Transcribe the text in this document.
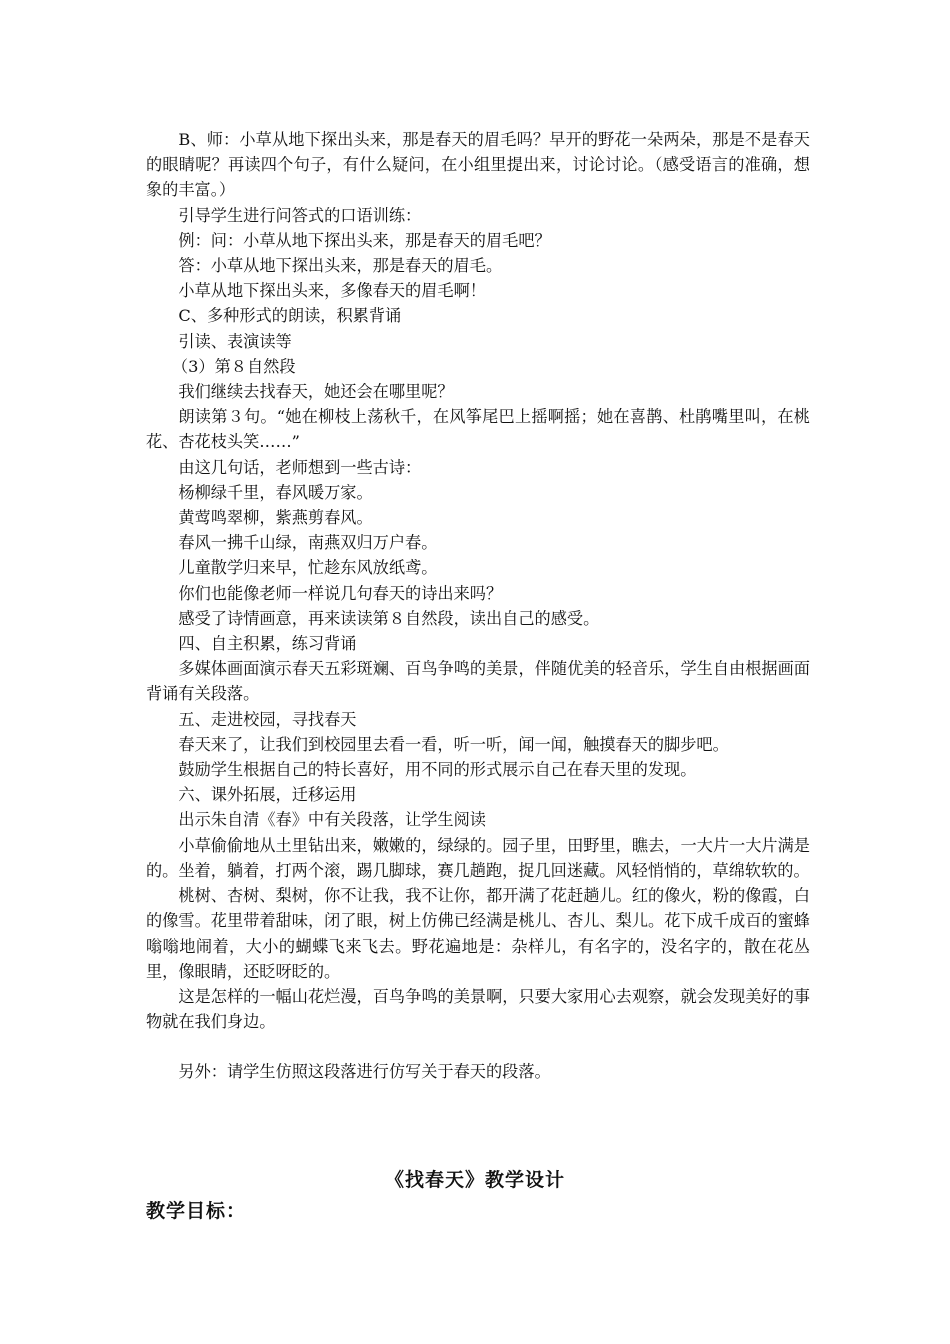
B、师：小草从地下探出头来，那是春天的眉毛吗？早开的野花一朵两朵，那是不是春天的眼睛呢？再读四个句子，有什么疑问，在小组里提出来，讨论讨论。（感受语言的准确，想象的丰富。）

引导学生进行问答式的口语训练：

例：问：小草从地下探出头来，那是春天的眉毛吧？

答：小草从地下探出头来，那是春天的眉毛。

小草从地下探出头来，多像春天的眉毛啊！

C、多种形式的朗读，积累背诵

引读、表演读等

（3）第８自然段

我们继续去找春天，她还会在哪里呢？

朗读第３句。“她在柳枝上荡秋千，在风筝尾巴上摇啊摇；她在喜鹊、杜鹃嘴里叫，在桃花、杏花枝头笑……”

由这几句话，老师想到一些古诗：

杨柳绿千里，春风暖万家。

黄莺鸣翠柳，紫燕剪春风。

春风一拂千山绿，南燕双归万户春。

儿童散学归来早，忙趁东风放纸鸢。

你们也能像老师一样说几句春天的诗出来吗？

感受了诗情画意，再来读读第８自然段，读出自己的感受。

四、自主积累，练习背诵

多媒体画面演示春天五彩斑斓、百鸟争鸣的美景，伴随优美的轻音乐，学生自由根据画面背诵有关段落。

五、走进校园，寻找春天

春天来了，让我们到校园里去看一看，听一听，闻一闻，触摸春天的脚步吧。

鼓励学生根据自己的特长喜好，用不同的形式展示自己在春天里的发现。

六、课外拓展，迁移运用

出示朱自清《春》中有关段落，让学生阅读

小草偷偷地从土里钻出来，嫩嫩的，绿绿的。园子里，田野里，瞧去，一大片一大片满是的。坐着，躺着，打两个滚，踢几脚球，赛几趟跑，捉几回迷藏。风轻悄悄的，草绵软软的。

桃树、杏树、梨树，你不让我，我不让你，都开满了花赶趟儿。红的像火，粉的像霞，白的像雪。花里带着甜味，闭了眼，树上仿佛已经满是桃儿、杏儿、梨儿。花下成千成百的蜜蜂嗡嗡地闹着，大小的蝴蝶飞来飞去。野花遍地是：杂样儿，有名字的，没名字的，散在花丛里，像眼睛，还眨呀眨的。

这是怎样的一幅山花烂漫，百鸟争鸣的美景啊，只要大家用心去观察，就会发现美好的事物就在我们身边。

另外：请学生仿照这段落进行仿写关于春天的段落。

《找春天》教学设计
教学目标：
